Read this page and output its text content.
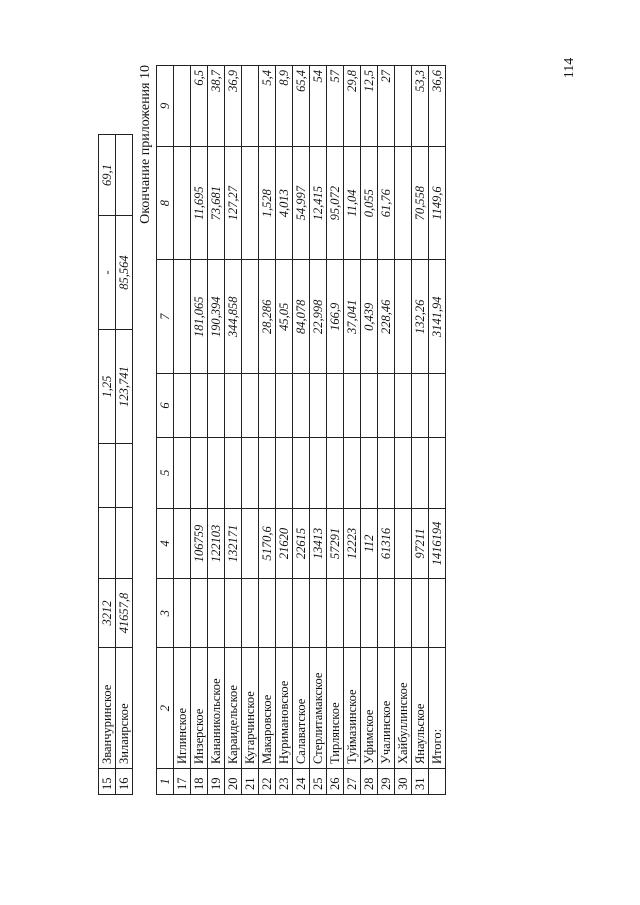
114
15	Званчуринское	3212			1,25	-	69,1
16	Зилаирское	41657,8			123,741	85,564	
Окончание приложения 10
1	2	3	4	5	6	7	8	9
17	Иглинское							
18	Инзерское		106759			181,065	11,695	6,5
19	Кананикольское		122103			190,394	73,681	38,7
20	Караидельское		132171			344,858	127,27	36,9
21	Кугарчинское							
22	Макаровское		5170,6			28,286	1,528	5,4
23	Нуримановское		21620			45,05	4,013	8,9
24	Салаватское		22615			84,078	54,997	65,4
25	Стерлитамакское		13413			22,998	12,415	54
26	Тирлянское		57291			166,9	95,072	57
27	Туймазинское		12223			37,041	11,04	29,8
28	Уфимское		112			0,439	0,055	12,5
29	Учалинское		61316			228,46	61,76	27
30	Хайбуллинское							
31	Янаульское		97211			132,26	70,558	53,3
	Итого:		1416194			3141,94	1149,6	36,6
